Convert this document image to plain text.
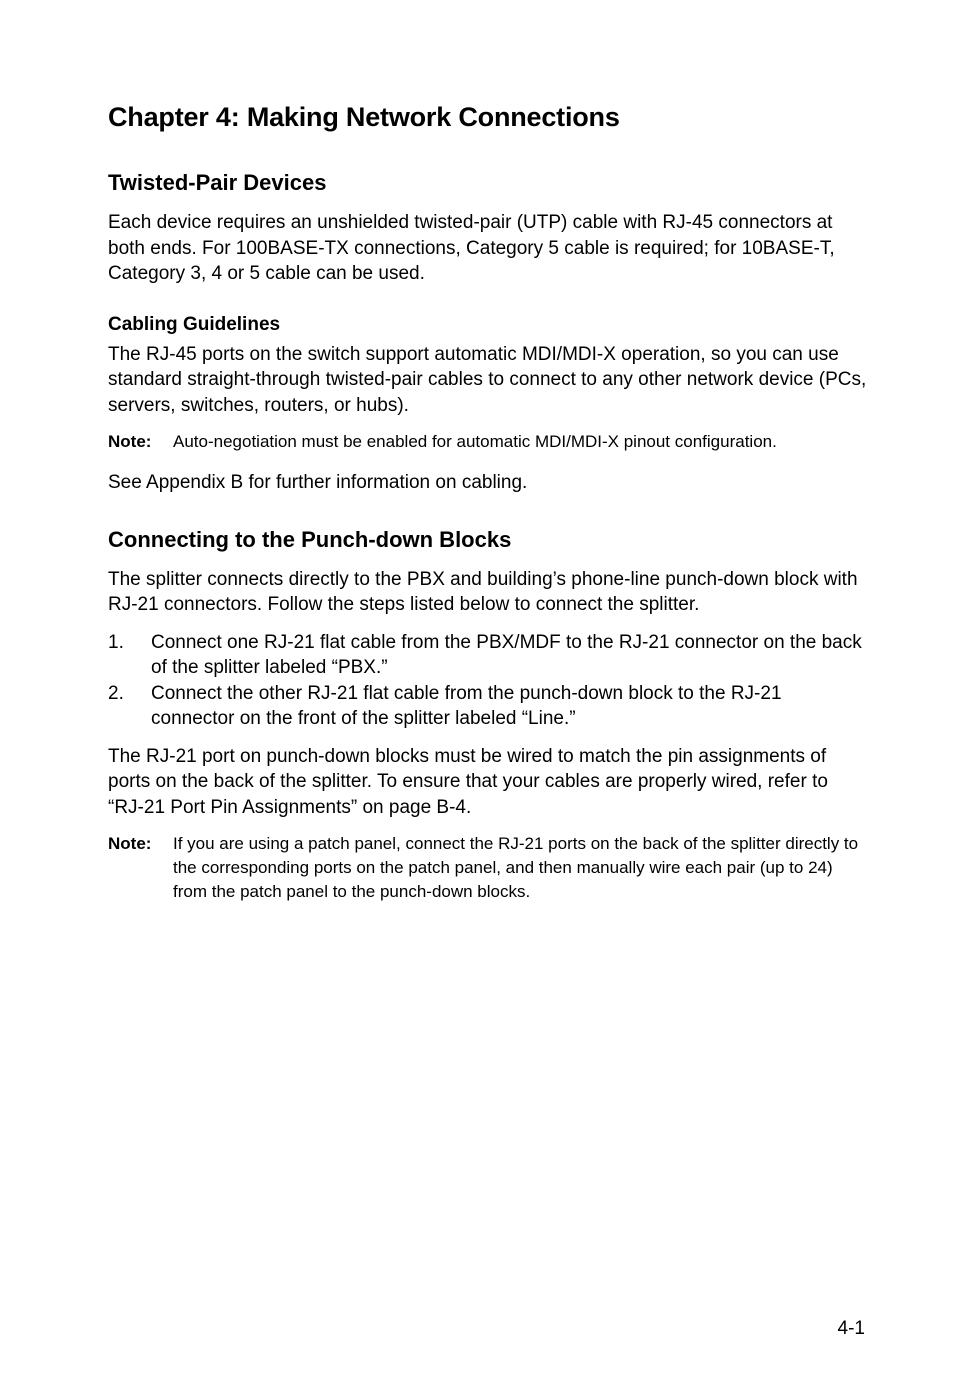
Chapter 4: Making Network Connections
Twisted-Pair Devices

Each device requires an unshielded twisted-pair (UTP) cable with RJ-45 connectors at both ends. For 100BASE-TX connections, Category 5 cable is required; for 10BASE-T, Category 3, 4 or 5 cable can be used.

Cabling Guidelines

The RJ-45 ports on the switch support automatic MDI/MDI-X operation, so you can use standard straight-through twisted-pair cables to connect to any other network device (PCs, servers, switches, routers, or hubs).

Note:	Auto-negotiation must be enabled for automatic MDI/MDI-X pinout configuration.

See Appendix B for further information on cabling.

Connecting to the Punch-down Blocks

The splitter connects directly to the PBX and building’s phone-line punch-down block with RJ-21 connectors. Follow the steps listed below to connect the splitter.

1.	Connect one RJ-21 flat cable from the PBX/MDF to the RJ-21 connector on the back of the splitter labeled “PBX.”
2.	Connect the other RJ-21 flat cable from the punch-down block to the RJ-21 connector on the front of the splitter labeled “Line.”

The RJ-21 port on punch-down blocks must be wired to match the pin assignments of ports on the back of the splitter. To ensure that your cables are properly wired, refer to “RJ-21 Port Pin Assignments” on page B-4.

Note:	If you are using a patch panel, connect the RJ-21 ports on the back of the splitter directly to the corresponding ports on the patch panel, and then manually wire each pair (up to 24) from the patch panel to the punch-down blocks.
4-1
